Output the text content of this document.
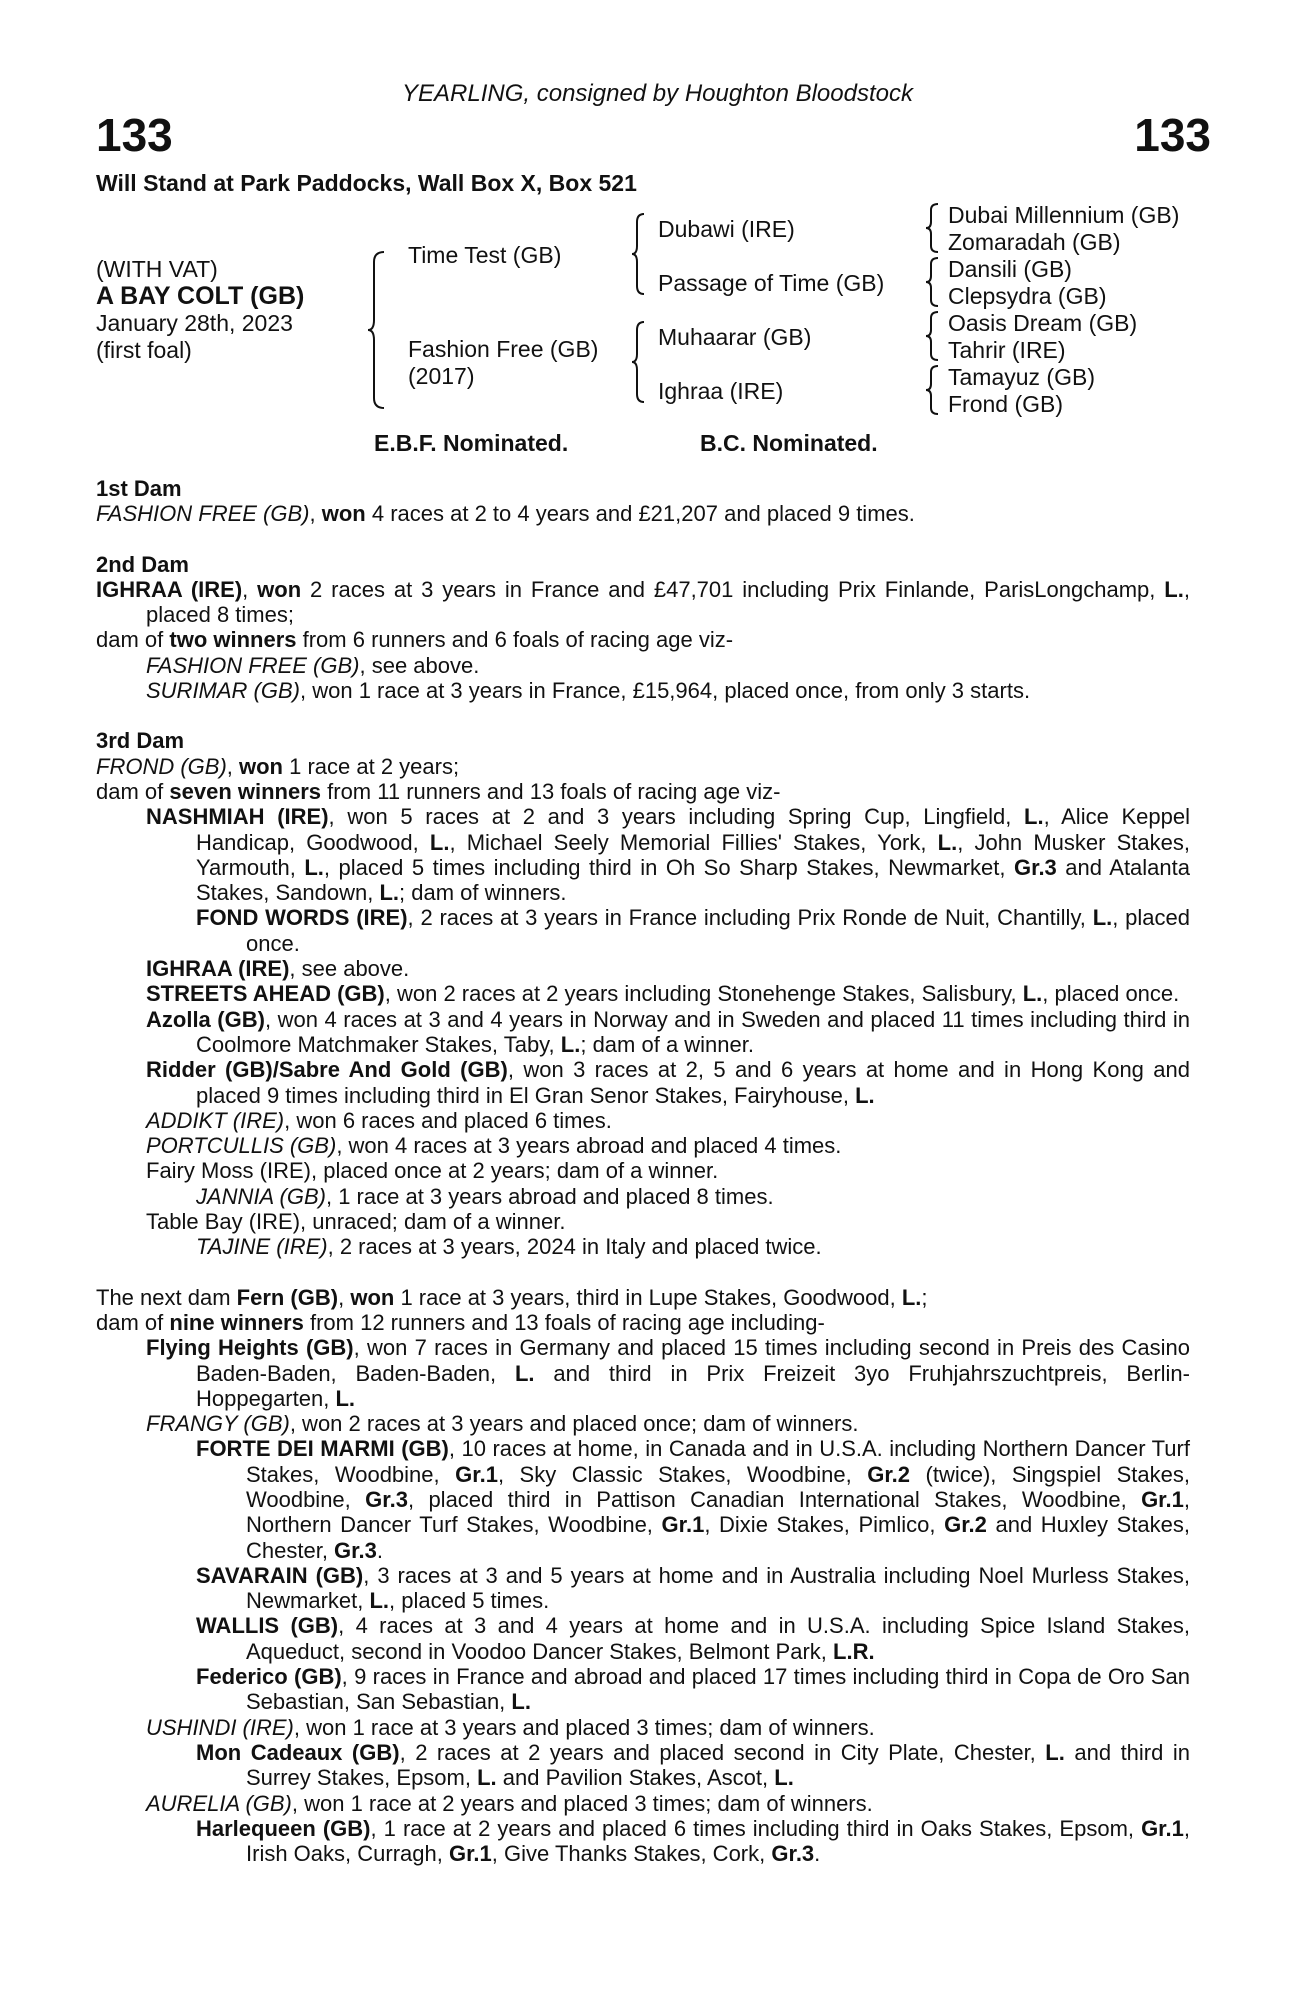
YEARLING, consigned by Houghton Bloodstock
133	133
Will Stand at Park Paddocks, Wall Box X, Box 521
(WITH VAT)
A BAY COLT (GB)
January 28th, 2023
(first foal)
Time Test (GB)
Fashion Free (GB)
(2017)
Dubawi (IRE)
Passage of Time (GB)
Muhaarar (GB)
Ighraa (IRE)
Dubai Millennium (GB)
Zomaradah (GB)
Dansili (GB)
Clepsydra (GB)
Oasis Dream (GB)
Tahrir (IRE)
Tamayuz (GB)
Frond (GB)
E.B.F. Nominated.	B.C. Nominated.

1st Dam

FASHION FREE (GB), won 4 races at 2 to 4 years and £21,207 and placed 9 times.

2nd Dam

IGHRAA (IRE), won 2 races at 3 years in France and £47,701 including Prix Finlande, ParisLongchamp, L., placed 8 times;

dam of two winners from 6 runners and 6 foals of racing age viz-

FASHION FREE (GB), see above.

SURIMAR (GB), won 1 race at 3 years in France, £15,964, placed once, from only 3 starts.

3rd Dam

FROND (GB), won 1 race at 2 years;

dam of seven winners from 11 runners and 13 foals of racing age viz-

NASHMIAH (IRE), won 5 races at 2 and 3 years including Spring Cup, Lingfield, L., Alice Keppel Handicap, Goodwood, L., Michael Seely Memorial Fillies' Stakes, York, L., John Musker Stakes, Yarmouth, L., placed 5 times including third in Oh So Sharp Stakes, Newmarket, Gr.3 and Atalanta Stakes, Sandown, L.; dam of winners.

FOND WORDS (IRE), 2 races at 3 years in France including Prix Ronde de Nuit, Chantilly, L., placed once.

IGHRAA (IRE), see above.

STREETS AHEAD (GB), won 2 races at 2 years including Stonehenge Stakes, Salisbury, L., placed once.

Azolla (GB), won 4 races at 3 and 4 years in Norway and in Sweden and placed 11 times including third in Coolmore Matchmaker Stakes, Taby, L.; dam of a winner.

Ridder (GB)/Sabre And Gold (GB), won 3 races at 2, 5 and 6 years at home and in Hong Kong and placed 9 times including third in El Gran Senor Stakes, Fairyhouse, L.

ADDIKT (IRE), won 6 races and placed 6 times.

PORTCULLIS (GB), won 4 races at 3 years abroad and placed 4 times.

Fairy Moss (IRE), placed once at 2 years; dam of a winner.

JANNIA (GB), 1 race at 3 years abroad and placed 8 times.

Table Bay (IRE), unraced; dam of a winner.

TAJINE (IRE), 2 races at 3 years, 2024 in Italy and placed twice.

The next dam Fern (GB), won 1 race at 3 years, third in Lupe Stakes, Goodwood, L.;

dam of nine winners from 12 runners and 13 foals of racing age including-

Flying Heights (GB), won 7 races in Germany and placed 15 times including second in Preis des Casino Baden-Baden, Baden-Baden, L. and third in Prix Freizeit 3yo Fruhjahrszuchtpreis, Berlin-Hoppegarten, L.

FRANGY (GB), won 2 races at 3 years and placed once; dam of winners.

FORTE DEI MARMI (GB), 10 races at home, in Canada and in U.S.A. including Northern Dancer Turf Stakes, Woodbine, Gr.1, Sky Classic Stakes, Woodbine, Gr.2 (twice), Singspiel Stakes, Woodbine, Gr.3, placed third in Pattison Canadian International Stakes, Woodbine, Gr.1, Northern Dancer Turf Stakes, Woodbine, Gr.1, Dixie Stakes, Pimlico, Gr.2 and Huxley Stakes, Chester, Gr.3.

SAVARAIN (GB), 3 races at 3 and 5 years at home and in Australia including Noel Murless Stakes, Newmarket, L., placed 5 times.

WALLIS (GB), 4 races at 3 and 4 years at home and in U.S.A. including Spice Island Stakes, Aqueduct, second in Voodoo Dancer Stakes, Belmont Park, L.R.

Federico (GB), 9 races in France and abroad and placed 17 times including third in Copa de Oro San Sebastian, San Sebastian, L.

USHINDI (IRE), won 1 race at 3 years and placed 3 times; dam of winners.

Mon Cadeaux (GB), 2 races at 2 years and placed second in City Plate, Chester, L. and third in Surrey Stakes, Epsom, L. and Pavilion Stakes, Ascot, L.

AURELIA (GB), won 1 race at 2 years and placed 3 times; dam of winners.

Harlequeen (GB), 1 race at 2 years and placed 6 times including third in Oaks Stakes, Epsom, Gr.1, Irish Oaks, Curragh, Gr.1, Give Thanks Stakes, Cork, Gr.3.
